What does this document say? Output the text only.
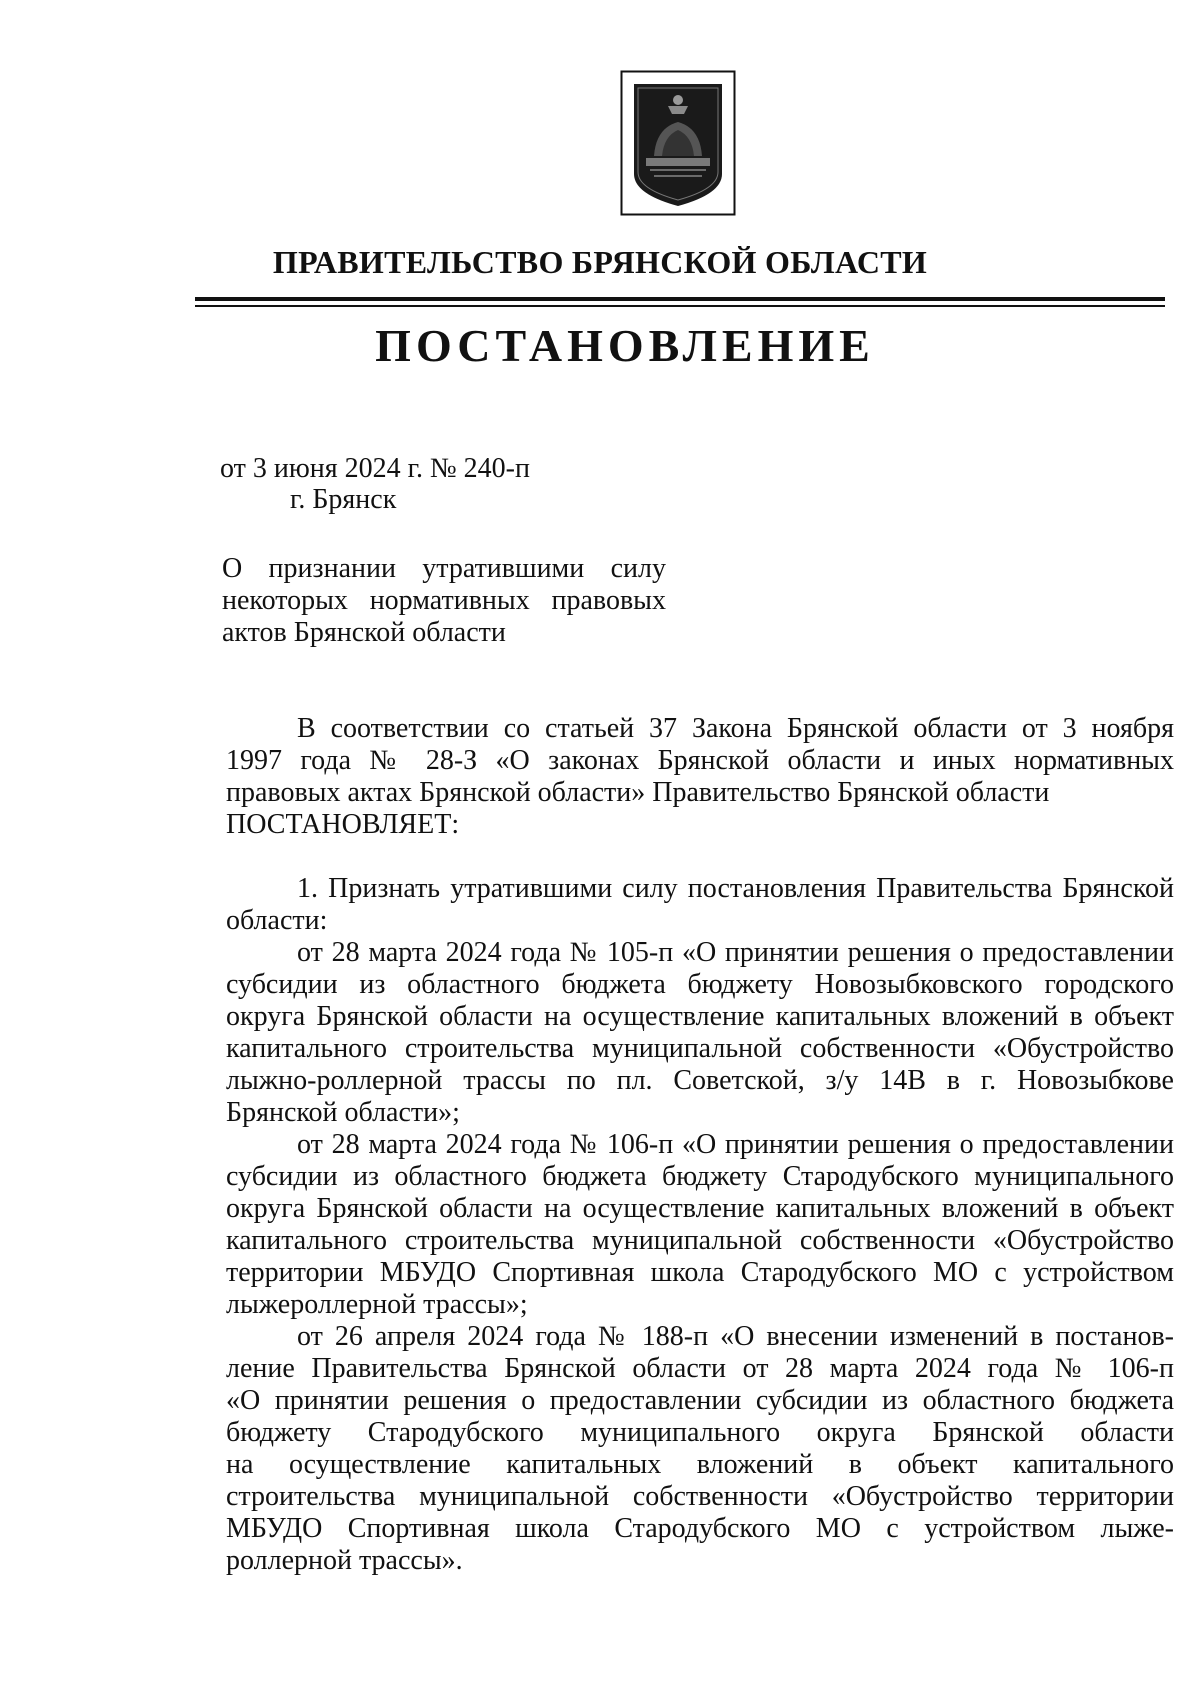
ПРАВИТЕЛЬСТВО БРЯНСКОЙ ОБЛАСТИ
ПОСТАНОВЛЕНИЕ
от 3 июня 2024 г. № 240-п
г. Брянск
О признании утратившими силу
некоторых нормативных правовых
актов Брянской области
В соответствии со статьей 37 Закона Брянской области от 3 ноября
1997 года № 28-З «О законах Брянской области и иных нормативных
правовых актах Брянской области» Правительство Брянской области
ПОСТАНОВЛЯЕТ:
1. Признать утратившими силу постановления Правительства Брянской
области:
от 28 марта 2024 года № 105-п «О принятии решения о предоставлении
субсидии из областного бюджета бюджету Новозыбковского городского
округа Брянской области на осуществление капитальных вложений в объект
капитального строительства муниципальной собственности «Обустройство
лыжно-роллерной трассы по пл. Советской, з/у 14В в г. Новозыбкове
Брянской области»;
от 28 марта 2024 года № 106-п «О принятии решения о предоставлении
субсидии из областного бюджета бюджету Стародубского муниципального
округа Брянской области на осуществление капитальных вложений в объект
капитального строительства муниципальной собственности «Обустройство
территории МБУДО Спортивная школа Стародубского МО с устройством
лыжероллерной трассы»;
от 26 апреля 2024 года № 188-п «О внесении изменений в постанов-
ление Правительства Брянской области от 28 марта 2024 года № 106-п
«О принятии решения о предоставлении субсидии из областного бюджета
бюджету Стародубского муниципального округа Брянской области
на осуществление капитальных вложений в объект капитального
строительства муниципальной собственности «Обустройство территории
МБУДО Спортивная школа Стародубского МО с устройством лыже-
роллерной трассы».
